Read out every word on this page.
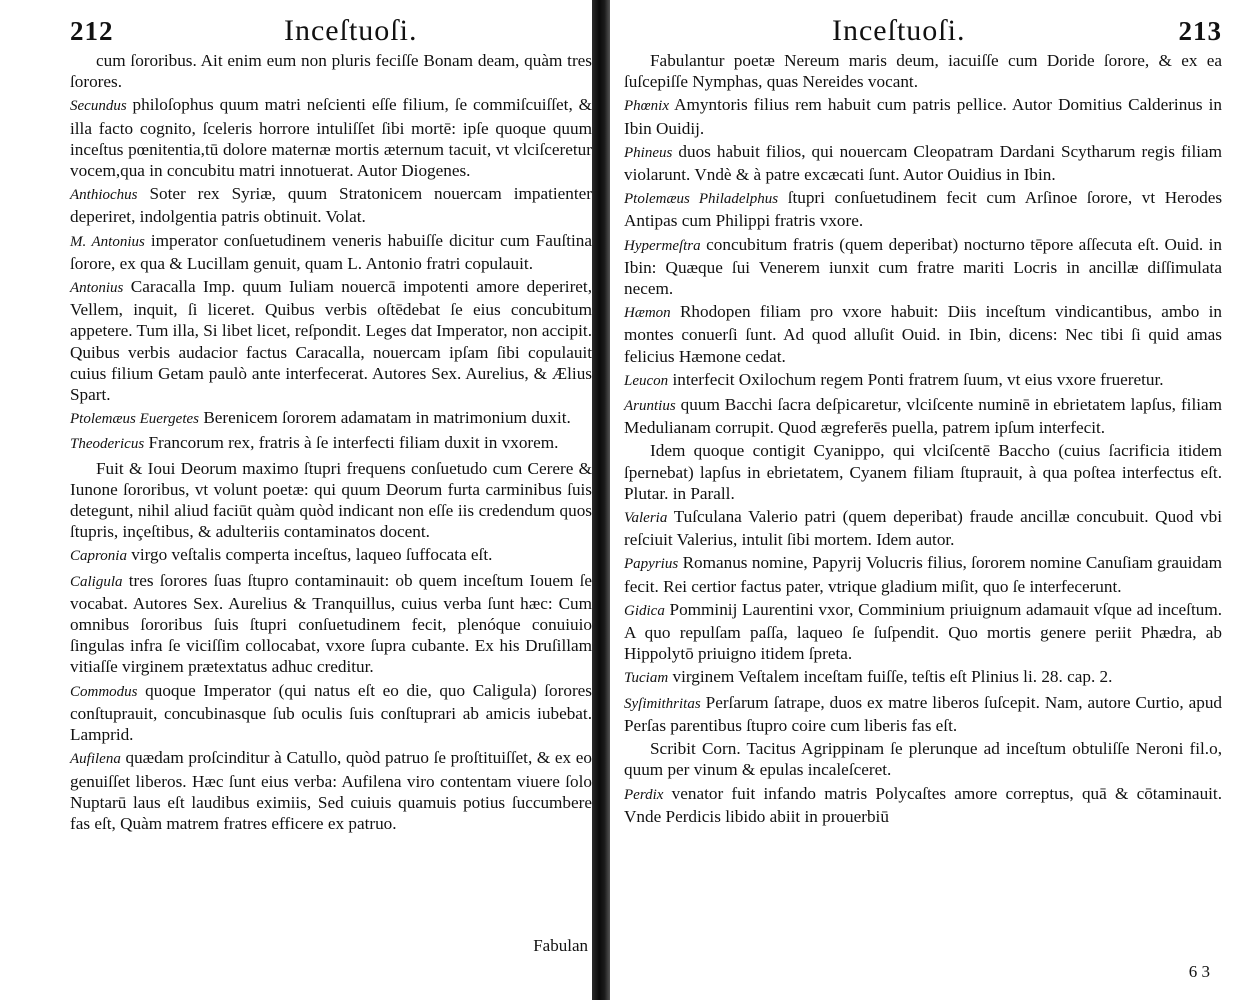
212	Inceſtuoſi.

cum ſororibus. Ait enim eum non pluris feciſſe Bonam deam, quàm tres ſorores.

Secundus philoſophus quum matri neſcienti eſſe filium, ſe commiſcuiſſet, & illa facto cognito, ſceleris horrore intuliſſet ſibi mortē: ipſe quoque quum inceſtus pœnitentia,tū dolore maternæ mortis æternum tacuit, vt vlciſceretur vocem,qua in concubitu matri innotuerat. Autor Diogenes.

Anthiochus Soter rex Syriæ, quum Stratonicem nouercam impatienter deperiret, indolgentia patris obtinuit. Volat.

M. Antonius imperator conſuetudinem veneris habuiſſe dicitur cum Fauſtina ſorore, ex qua & Lucillam genuit, quam L. Antonio fratri copulauit.

Antonius Caracalla Imp. quum Iuliam nouercā impotenti amore deperiret, Vellem, inquit, ſi liceret. Quibus verbis oſtēdebat ſe eius concubitum appetere. Tum illa, Si libet licet, reſpondit. Leges dat Imperator, non accipit. Quibus verbis audacior factus Caracalla, nouercam ipſam ſibi copulauit cuius filium Getam paulò ante interfecerat. Autores Sex. Aurelius, & Ælius Spart.

Ptolemæus Euergetes Berenicem ſororem adamatam in matrimonium duxit.

Theodericus Francorum rex, fratris à ſe interfecti filiam duxit in vxorem.

Fuit & Ioui Deorum maximo ſtupri frequens conſuetudo cum Cerere & Iunone ſororibus, vt volunt poetæ: qui quum Deorum furta carminibus ſuis detegunt, nihil aliud faciūt quàm quòd indicant non eſſe iis credendum quos ſtupris, inçeſtibus, & adulteriis contaminatos docent.

Capronia virgo veſtalis comperta inceſtus, laqueo ſuffocata eſt.

Caligula tres ſorores ſuas ſtupro contaminauit: ob quem inceſtum Iouem ſe vocabat. Autores Sex. Aurelius & Tranquillus, cuius verba ſunt hæc: Cum omnibus ſororibus ſuis ſtupri conſuetudinem fecit, plenóque conuiuio ſingulas infra ſe viciſſim collocabat, vxore ſupra cubante. Ex his Druſillam vitiaſſe virginem prætextatus adhuc creditur.

Commodus quoque Imperator (qui natus eſt eo die, quo Caligula) ſorores conſtuprauit, concubinasque ſub oculis ſuis conſtuprari ab amicis iubebat. Lamprid.

Aufilena quædam proſcinditur à Catullo, quòd patruo ſe proſtituiſſet, & ex eo genuiſſet liberos. Hæc ſunt eius verba: Aufilena viro contentam viuere ſolo Nuptarū laus eſt laudibus eximiis, Sed cuiuis quamuis potius ſuccumbere fas eſt, Quàm matrem fratres efficere ex patruo.

Fabulan
Inceſtuoſi.	213

Fabulantur poetæ Nereum maris deum, iacuiſſe cum Doride ſorore, & ex ea ſuſcepiſſe Nymphas, quas Nereides vocant.

Phœnix Amyntoris filius rem habuit cum patris pellice. Autor Domitius Calderinus in Ibin Ouidij.

Phineus duos habuit filios, qui nouercam Cleopatram Dardani Scytharum regis filiam violarunt. Vndè & à patre excæcati ſunt. Autor Ouidius in Ibin.

Ptolemæus Philadelphus ſtupri conſuetudinem fecit cum Arſinoe ſorore, vt Herodes Antipas cum Philippi fratris vxore.

Hypermeſtra concubitum fratris (quem deperibat) nocturno tēpore aſſecuta eſt. Ouid. in Ibin: Quæque ſui Venerem iunxit cum fratre mariti Locris in ancillæ diſſimulata necem.

Hæmon Rhodopen filiam pro vxore habuit: Diis inceſtum vindicantibus, ambo in montes conuerſi ſunt. Ad quod alluſit Ouid. in Ibin, dicens: Nec tibi ſi quid amas felicius Hæmone cedat.

Leucon interfecit Oxilochum regem Ponti fratrem ſuum, vt eius vxore frueretur.

Aruntius quum Bacchi ſacra deſpicaretur, vlciſcente numinē in ebrietatem lapſus, filiam Medulianam corrupit. Quod ægreferēs puella, patrem ipſum interfecit.

Idem quoque contigit Cyanippo, qui vlciſcentē Baccho (cuius ſacrificia itidem ſpernebat) lapſus in ebrietatem, Cyanem filiam ſtuprauit, à qua poſtea interfectus eſt. Plutar. in Parall.

Valeria Tuſculana Valerio patri (quem deperibat) fraude ancillæ concubuit. Quod vbi reſciuit Valerius, intulit ſibi mortem. Idem autor.

Papyrius Romanus nomine, Papyrij Volucris filius, ſororem nomine Canuſiam grauidam fecit. Rei certior factus pater, vtrique gladium miſit, quo ſe interfecerunt.

Gidica Pomminij Laurentini vxor, Comminium priuignum adamauit vſque ad inceſtum. A quo repulſam paſſa, laqueo ſe ſuſpendit. Quo mortis genere periit Phædra, ab Hippolytō priuigno itidem ſpreta.

Tuciam virginem Veſtalem inceſtam fuiſſe, teſtis eſt Plinius li. 28. cap. 2.

Syſimithritas Perſarum ſatrape, duos ex matre liberos ſuſcepit. Nam, autore Curtio, apud Perſas parentibus ſtupro coire cum liberis fas eſt.

Scribit Corn. Tacitus Agrippinam ſe plerunque ad inceſtum obtuliſſe Neroni fil.o, quum per vinum & epulas incaleſceret.

Perdix venator fuit infando matris Polycaſtes amore correptus, quā & cōtaminauit. Vnde Perdicis libido abiit in prouerbiū

6 3
